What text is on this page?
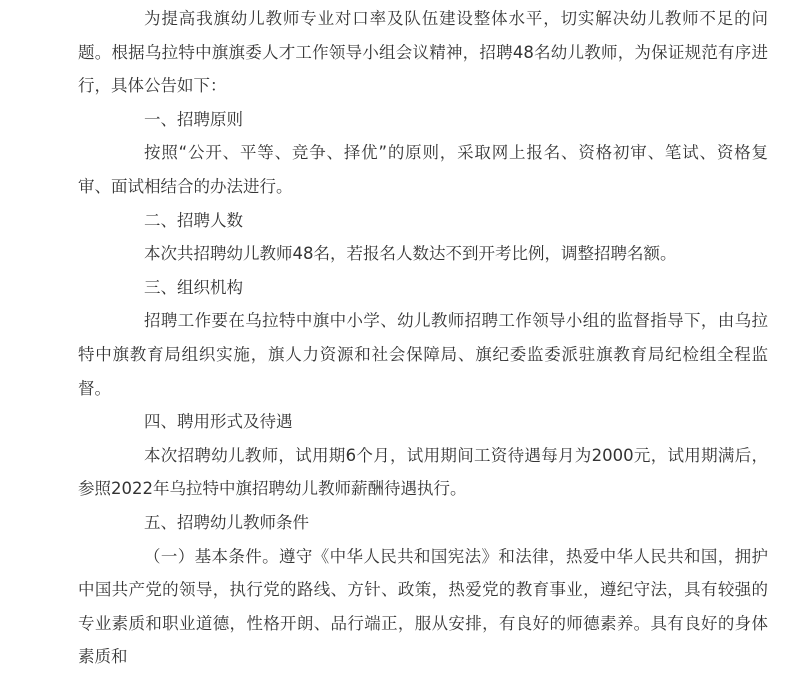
为提高我旗幼儿教师专业对口率及队伍建设整体水平，切实解决幼儿教师不足的问题。根据乌拉特中旗旗委人才工作领导小组会议精神，招聘48名幼儿教师，为保证规范有序进行，具体公告如下：

一、招聘原则

按照“公开、平等、竞争、择优”的原则，采取网上报名、资格初审、笔试、资格复审、面试相结合的办法进行。

二、招聘人数

本次共招聘幼儿教师48名，若报名人数达不到开考比例，调整招聘名额。

三、组织机构

招聘工作要在乌拉特中旗中小学、幼儿教师招聘工作领导小组的监督指导下，由乌拉特中旗教育局组织实施，旗人力资源和社会保障局、旗纪委监委派驻旗教育局纪检组全程监督。

四、聘用形式及待遇

本次招聘幼儿教师，试用期6个月，试用期间工资待遇每月为2000元，试用期满后，参照2022年乌拉特中旗招聘幼儿教师薪酬待遇执行。

五、招聘幼儿教师条件

（一）基本条件。遵守《中华人民共和国宪法》和法律，热爱中华人民共和国，拥护中国共产党的领导，执行党的路线、方针、政策，热爱党的教育事业，遵纪守法，具有较强的专业素质和职业道德，性格开朗、品行端正，服从安排，有良好的师德素养。具有良好的身体素质和
